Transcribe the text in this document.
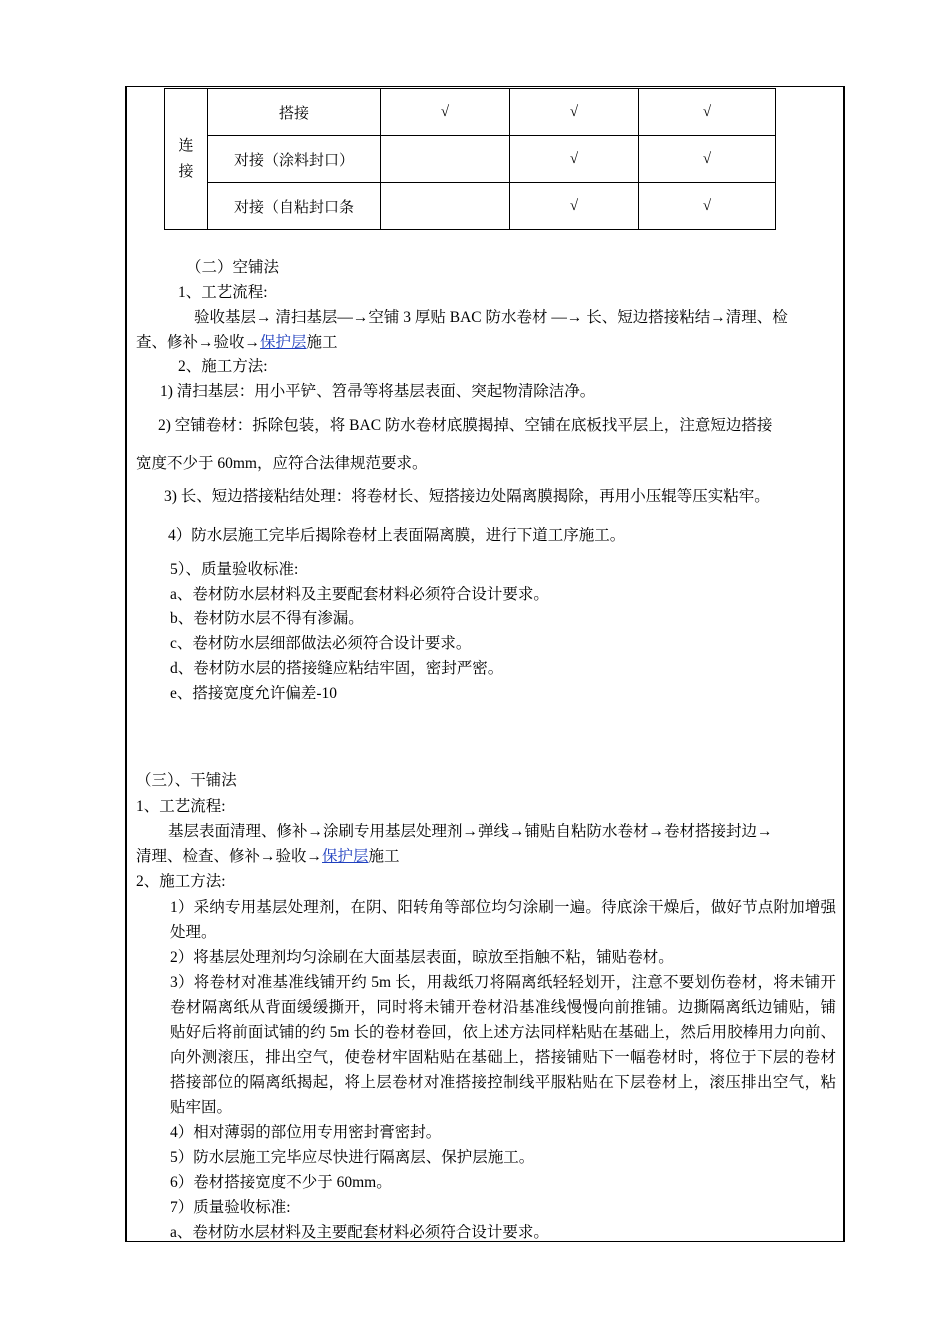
连
接	搭接	√	√	√
	对接（涂料封口）		√	√
	对接（自粘封口条		√	√
（二）空铺法
1、工艺流程:
验收基层→ 清扫基层—→空铺 3 厚贴 BAC 防水卷材 —→ 长、短边搭接粘结→清理、检
查、修补→验收→保护层施工
2、施工方法:
1) 清扫基层：用小平铲、笤帚等将基层表面、突起物清除洁净。
2) 空铺卷材：拆除包装，将 BAC 防水卷材底膜揭掉、空铺在底板找平层上，注意短边搭接
宽度不少于 60mm，应符合法律规范要求。
3) 长、短边搭接粘结处理：将卷材长、短搭接边处隔离膜揭除，再用小压辊等压实粘牢。
4）防水层施工完毕后揭除卷材上表面隔离膜，进行下道工序施工。
5）、质量验收标准:
a、卷材防水层材料及主要配套材料必须符合设计要求。
b、卷材防水层不得有渗漏。
c、卷材防水层细部做法必须符合设计要求。
d、卷材防水层的搭接缝应粘结牢固，密封严密。
e、搭接宽度允许偏差-10
（三）、干铺法
1、工艺流程:
基层表面清理、修补→涂刷专用基层处理剂→弹线→铺贴自粘防水卷材→卷材搭接封边→
清理、检查、修补→验收→保护层施工
2、施工方法:
1）采纳专用基层处理剂，在阴、阳转角等部位均匀涂刷一遍。待底涂干燥后，做好节点附加增强处理。
2）将基层处理剂均匀涂刷在大面基层表面，晾放至指触不粘，铺贴卷材。
3）将卷材对准基准线铺开约 5m 长，用裁纸刀将隔离纸轻轻划开，注意不要划伤卷材，将未铺开卷材隔离纸从背面缓缓撕开，同时将未铺开卷材沿基准线慢慢向前推铺。边撕隔离纸边铺贴，铺贴好后将前面试铺的约 5m 长的卷材卷回，依上述方法同样粘贴在基础上，然后用胶棒用力向前、向外测滚压，排出空气，使卷材牢固粘贴在基础上，搭接铺贴下一幅卷材时，将位于下层的卷材搭接部位的隔离纸揭起，将上层卷材对准搭接控制线平服粘贴在下层卷材上，滚压排出空气，粘贴牢固。
4）相对薄弱的部位用专用密封膏密封。
5）防水层施工完毕应尽快进行隔离层、保护层施工。
6）卷材搭接宽度不少于 60mm。
7）质量验收标准:
a、卷材防水层材料及主要配套材料必须符合设计要求。
